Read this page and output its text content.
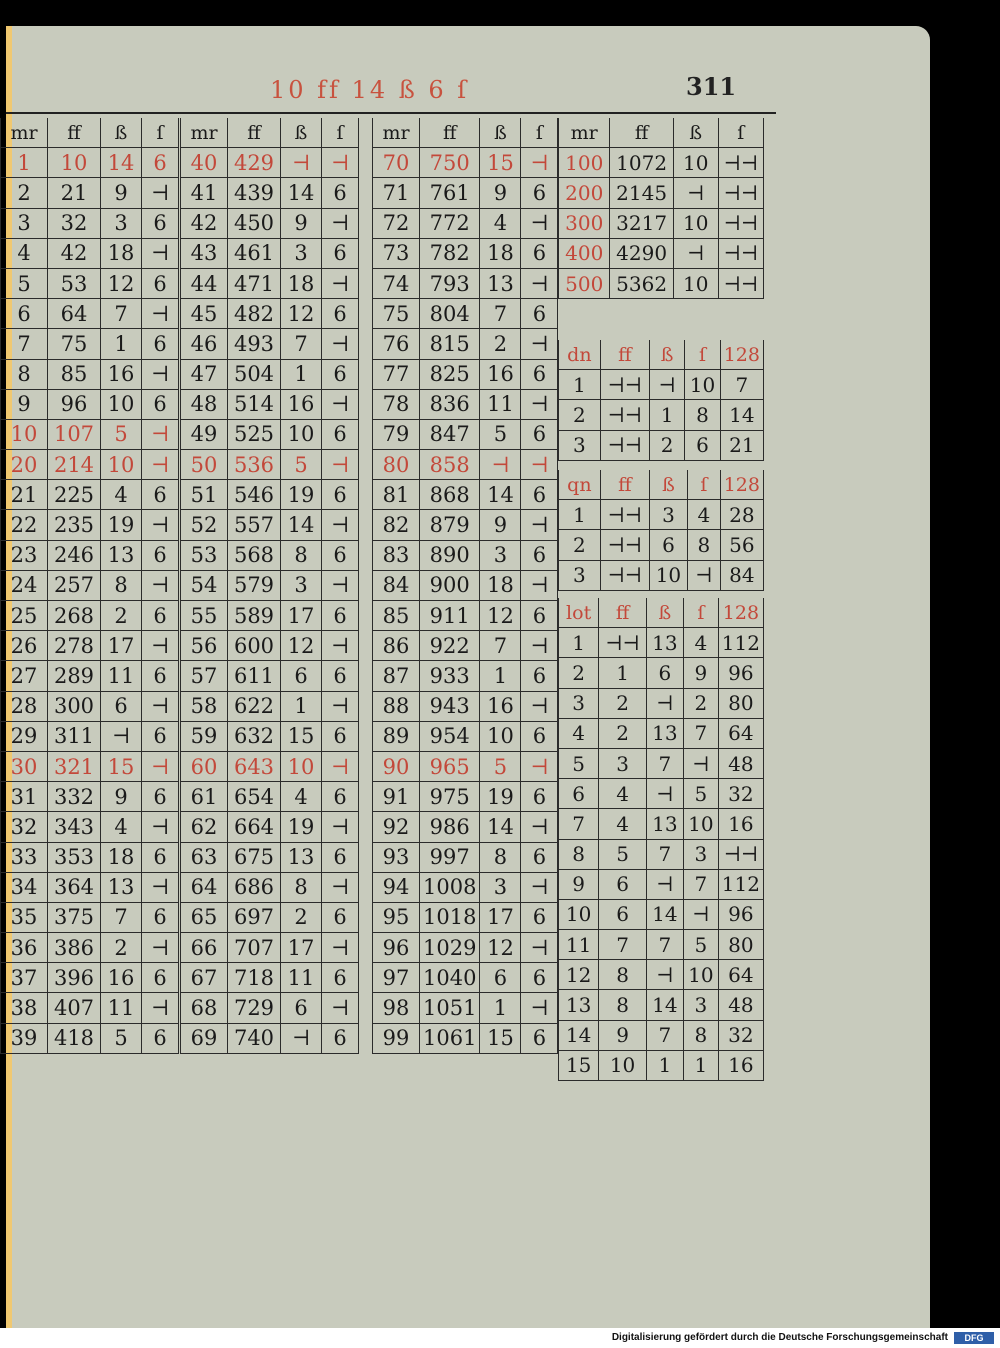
10 ff 14 ß 6 ſ	311
mr	ff	ß	ſ
1	10	14	6
2	21	9	⊣
3	32	3	6
4	42	18	⊣
5	53	12	6
6	64	7	⊣
7	75	1	6
8	85	16	⊣
9	96	10	6
10	107	5	⊣
20	214	10	⊣
21	225	4	6
22	235	19	⊣
23	246	13	6
24	257	8	⊣
25	268	2	6
26	278	17	⊣
27	289	11	6
28	300	6	⊣
29	311	⊣	6
30	321	15	⊣
31	332	9	6
32	343	4	⊣
33	353	18	6
34	364	13	⊣
35	375	7	6
36	386	2	⊣
37	396	16	6
38	407	11	⊣
39	418	5	6
mr	ff	ß	ſ
40	429	⊣	⊣
41	439	14	6
42	450	9	⊣
43	461	3	6
44	471	18	⊣
45	482	12	6
46	493	7	⊣
47	504	1	6
48	514	16	⊣
49	525	10	6
50	536	5	⊣
51	546	19	6
52	557	14	⊣
53	568	8	6
54	579	3	⊣
55	589	17	6
56	600	12	⊣
57	611	6	6
58	622	1	⊣
59	632	15	6
60	643	10	⊣
61	654	4	6
62	664	19	⊣
63	675	13	6
64	686	8	⊣
65	697	2	6
66	707	17	⊣
67	718	11	6
68	729	6	⊣
69	740	⊣	6
mr	ff	ß	ſ
70	750	15	⊣
71	761	9	6
72	772	4	⊣
73	782	18	6
74	793	13	⊣
75	804	7	6
76	815	2	⊣
77	825	16	6
78	836	11	⊣
79	847	5	6
80	858	⊣	⊣
81	868	14	6
82	879	9	⊣
83	890	3	6
84	900	18	⊣
85	911	12	6
86	922	7	⊣
87	933	1	6
88	943	16	⊣
89	954	10	6
90	965	5	⊣
91	975	19	6
92	986	14	⊣
93	997	8	6
94	1008	3	⊣
95	1018	17	6
96	1029	12	⊣
97	1040	6	6
98	1051	1	⊣
99	1061	15	6
mr	ff	ß	ſ
100	1072	10	⊣⊣
200	2145	⊣	⊣⊣
300	3217	10	⊣⊣
400	4290	⊣	⊣⊣
500	5362	10	⊣⊣
dn	ff	ß	ſ	128
1	⊣⊣	⊣	10	7
2	⊣⊣	1	8	14
3	⊣⊣	2	6	21
qn	ff	ß	ſ	128
1	⊣⊣	3	4	28
2	⊣⊣	6	8	56
3	⊣⊣	10	⊣	84
lot	ff	ß	ſ	128
1	⊣⊣	13	4	112
2	1	6	9	96
3	2	⊣	2	80
4	2	13	7	64
5	3	7	⊣	48
6	4	⊣	5	32
7	4	13	10	16
8	5	7	3	⊣⊣
9	6	⊣	7	112
10	6	14	⊣	96
11	7	7	5	80
12	8	⊣	10	64
13	8	14	3	48
14	9	7	8	32
15	10	1	1	16
Digitalisierung gefördert durch die Deutsche Forschungsgemeinschaft	DFG
